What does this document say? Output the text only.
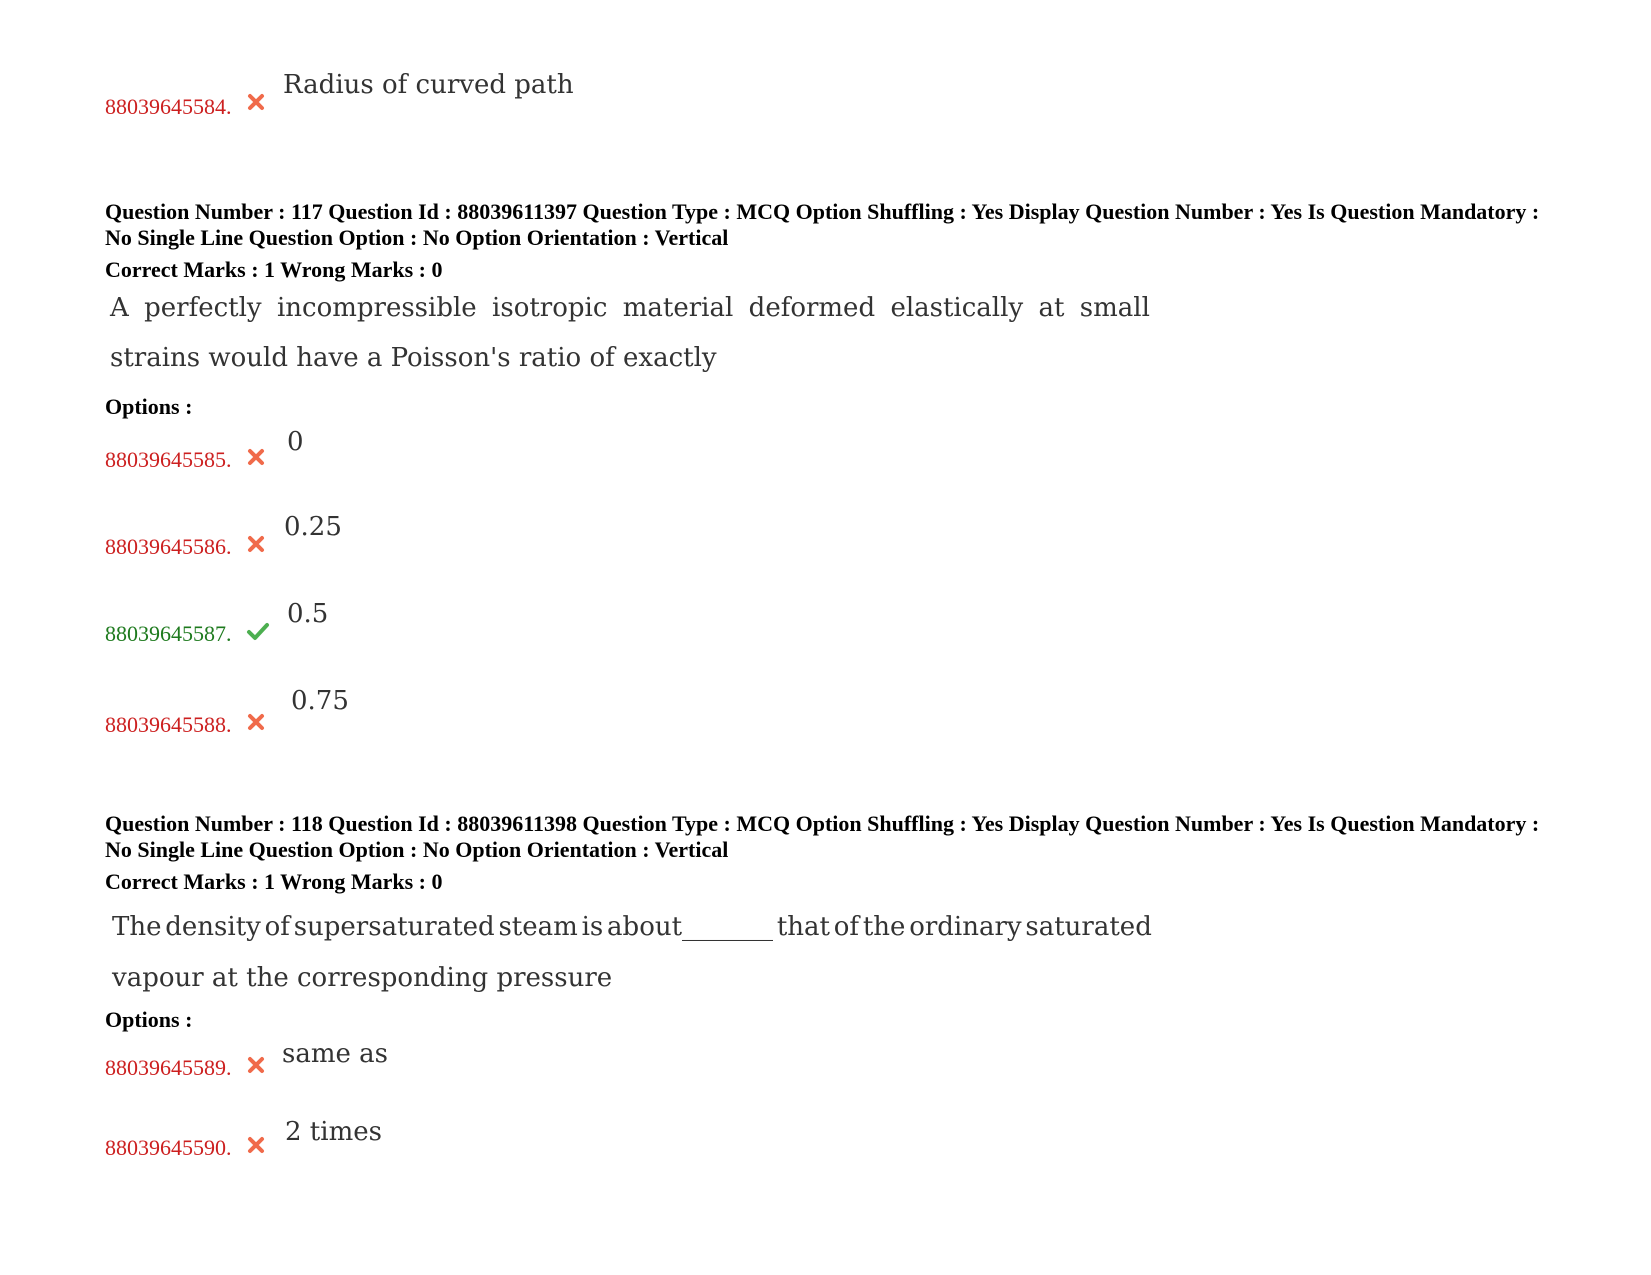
88039645584.
Radius of curved path
Question Number : 117 Question Id : 88039611397 Question Type : MCQ Option Shuffling : Yes Display Question Number : Yes Is Question Mandatory : No Single Line Question Option : No Option Orientation : Vertical
Correct Marks : 1 Wrong Marks : 0
A perfectly incompressible isotropic material deformed elastically at small
strains would have a Poisson's ratio of exactly
Options :
88039645585.
0
88039645586.
0.25
88039645587.
0.5
88039645588.
0.75
Question Number : 118 Question Id : 88039611398 Question Type : MCQ Option Shuffling : Yes Display Question Number : Yes Is Question Mandatory : No Single Line Question Option : No Option Orientation : Vertical
Correct Marks : 1 Wrong Marks : 0
The density of supersaturated steam is about_______ that of the ordinary saturated
vapour at the corresponding pressure
Options :
88039645589. same as
88039645590.
2 times
